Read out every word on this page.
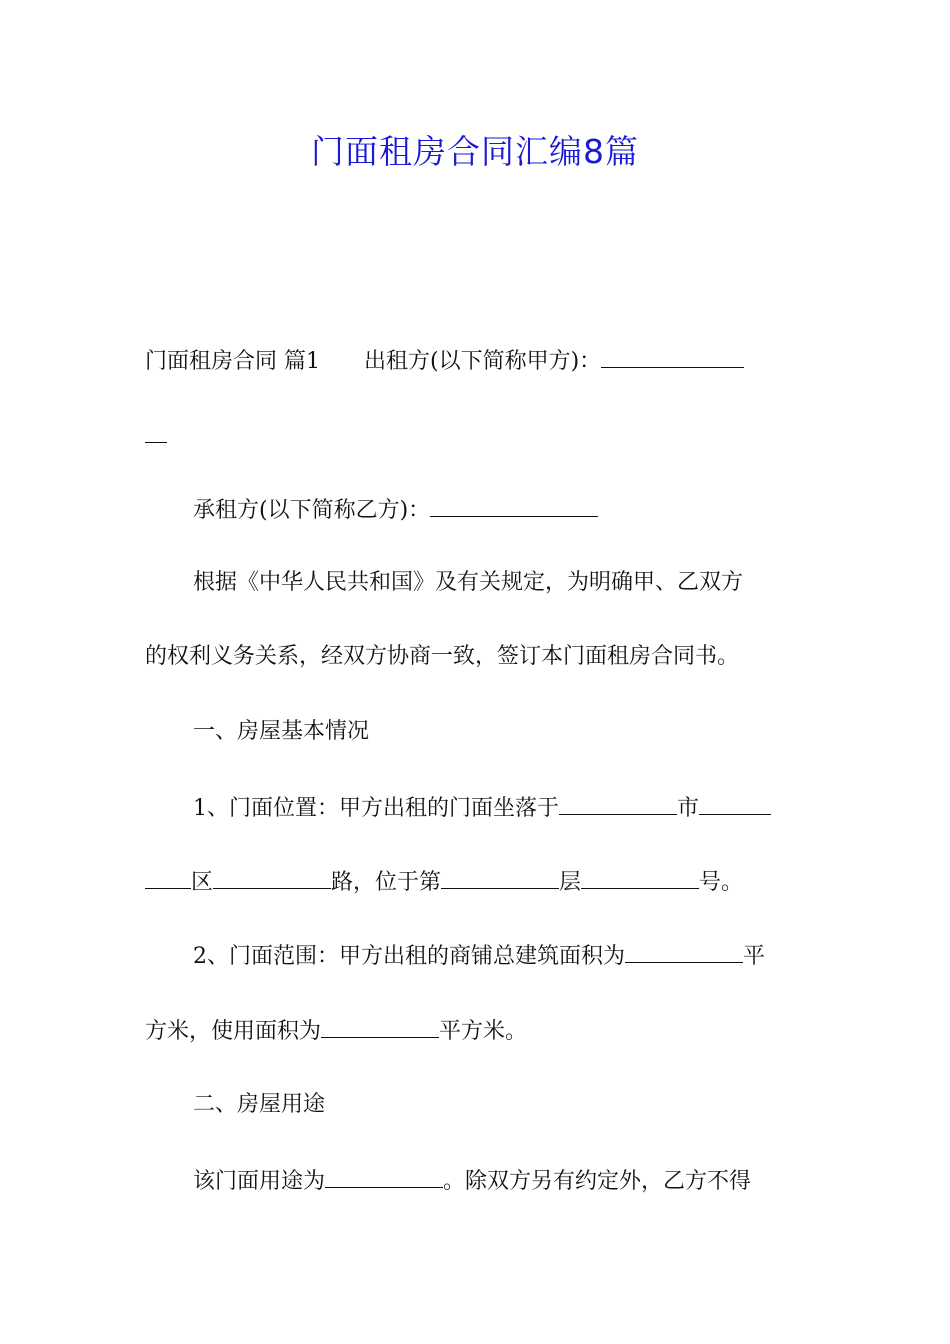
门面租房合同汇编8篇
门面租房合同 篇1 出租方(以下简称甲方)：
承租方(以下简称乙方)：
根据《中华人民共和国》及有关规定，为明确甲、乙双方
的权利义务关系，经双方协商一致，签订本门面租房合同书。
一、房屋基本情况
1、门面位置：甲方出租的门面坐落于	市
区	路，位于第	层	号。
2、门面范围：甲方出租的商铺总建筑面积为	平
方米，使用面积为	平方米。
二、房屋用途
该门面用途为	。除双方另有约定外，乙方不得
